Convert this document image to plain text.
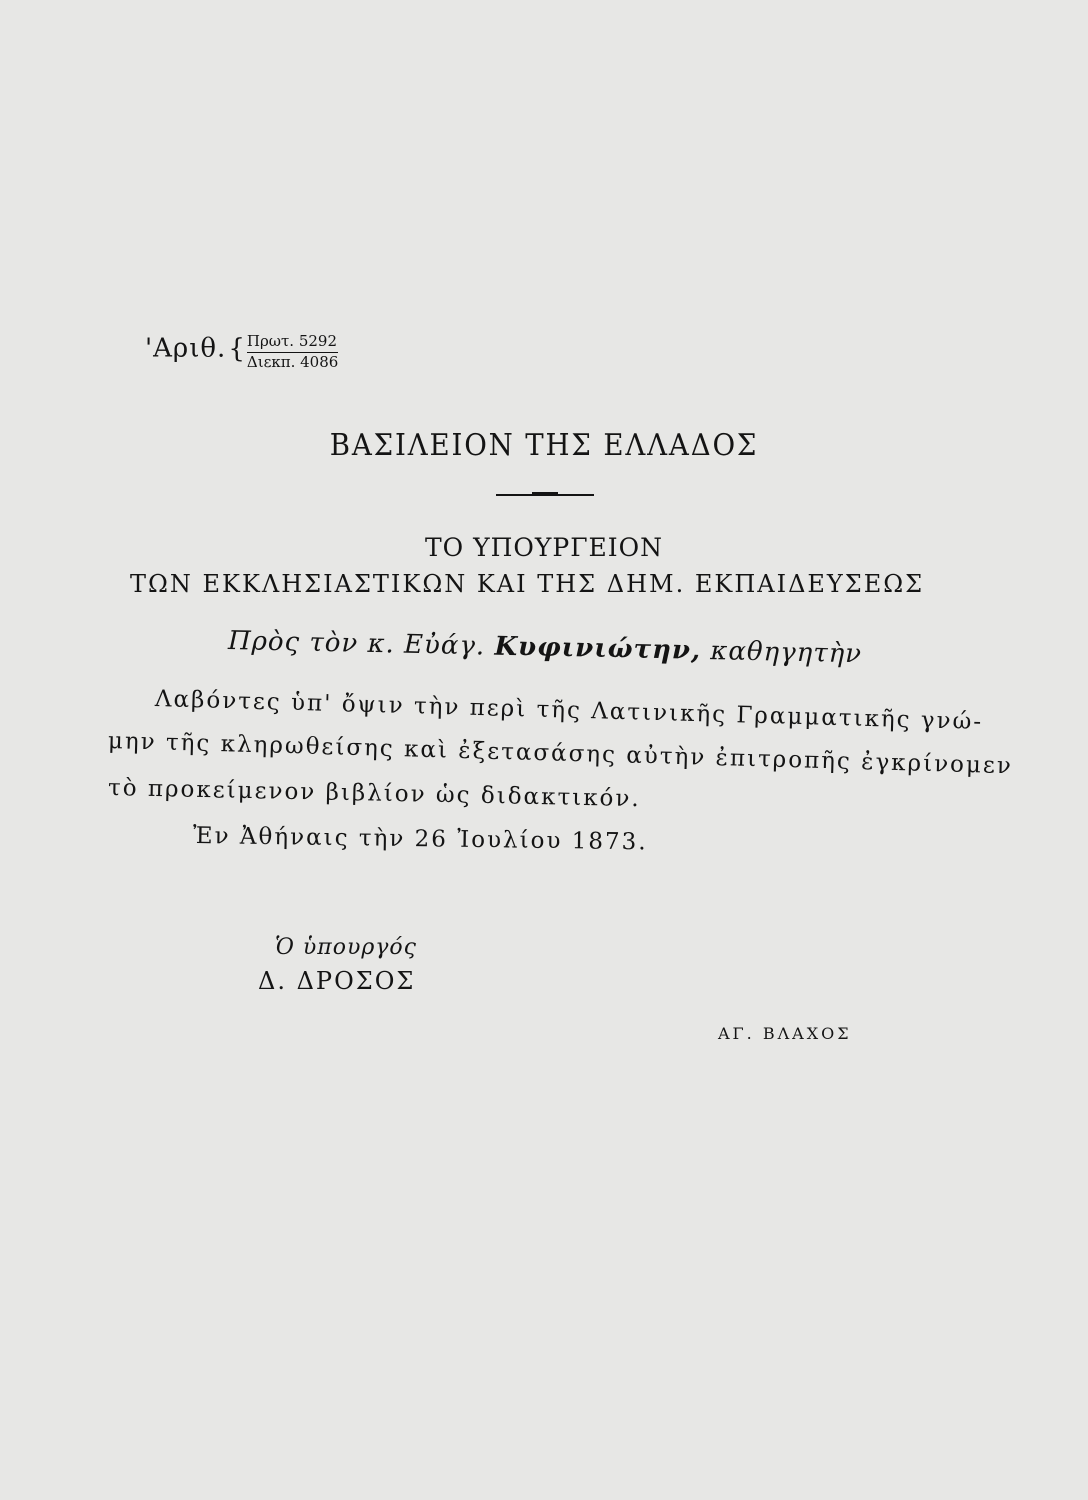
'Αριθ.{ Πρωτ. 5292
Διεκπ. 4086
ΒΑΣΙΛΕΙΟΝ ΤΗΣ ΕΛΛΑΔΟΣ
ΤΟ ΥΠΟΥΡΓΕΙΟΝ
ΤΩΝ ΕΚΚΛΗΣΙΑΣΤΙΚΩΝ ΚΑΙ ΤΗΣ ΔΗΜ. ΕΚΠΑΙΔΕΥΣΕΩΣ
Πρὸς τὸν κ. Εὐάγ. Κυφινιώτην, καθηγητὴν
Λαβόντες ὑπ' ὄψιν τὴν περὶ τῆς Λατινικῆς Γραμματικῆς γνώ-
μην τῆς κληρωθείσης καὶ ἐξετασάσης αὐτὴν ἐπιτροπῆς ἐγκρίνομεν
τὸ προκείμενον βιβλίον ὡς διδακτικόν.
Ἐν Ἀθήναις τὴν 26 Ἰουλίου 1873.
Ὁ ὑπουργός
Δ. ΔΡΟΣΟΣ
ΑΓ. ΒΛΑΧΟΣ
